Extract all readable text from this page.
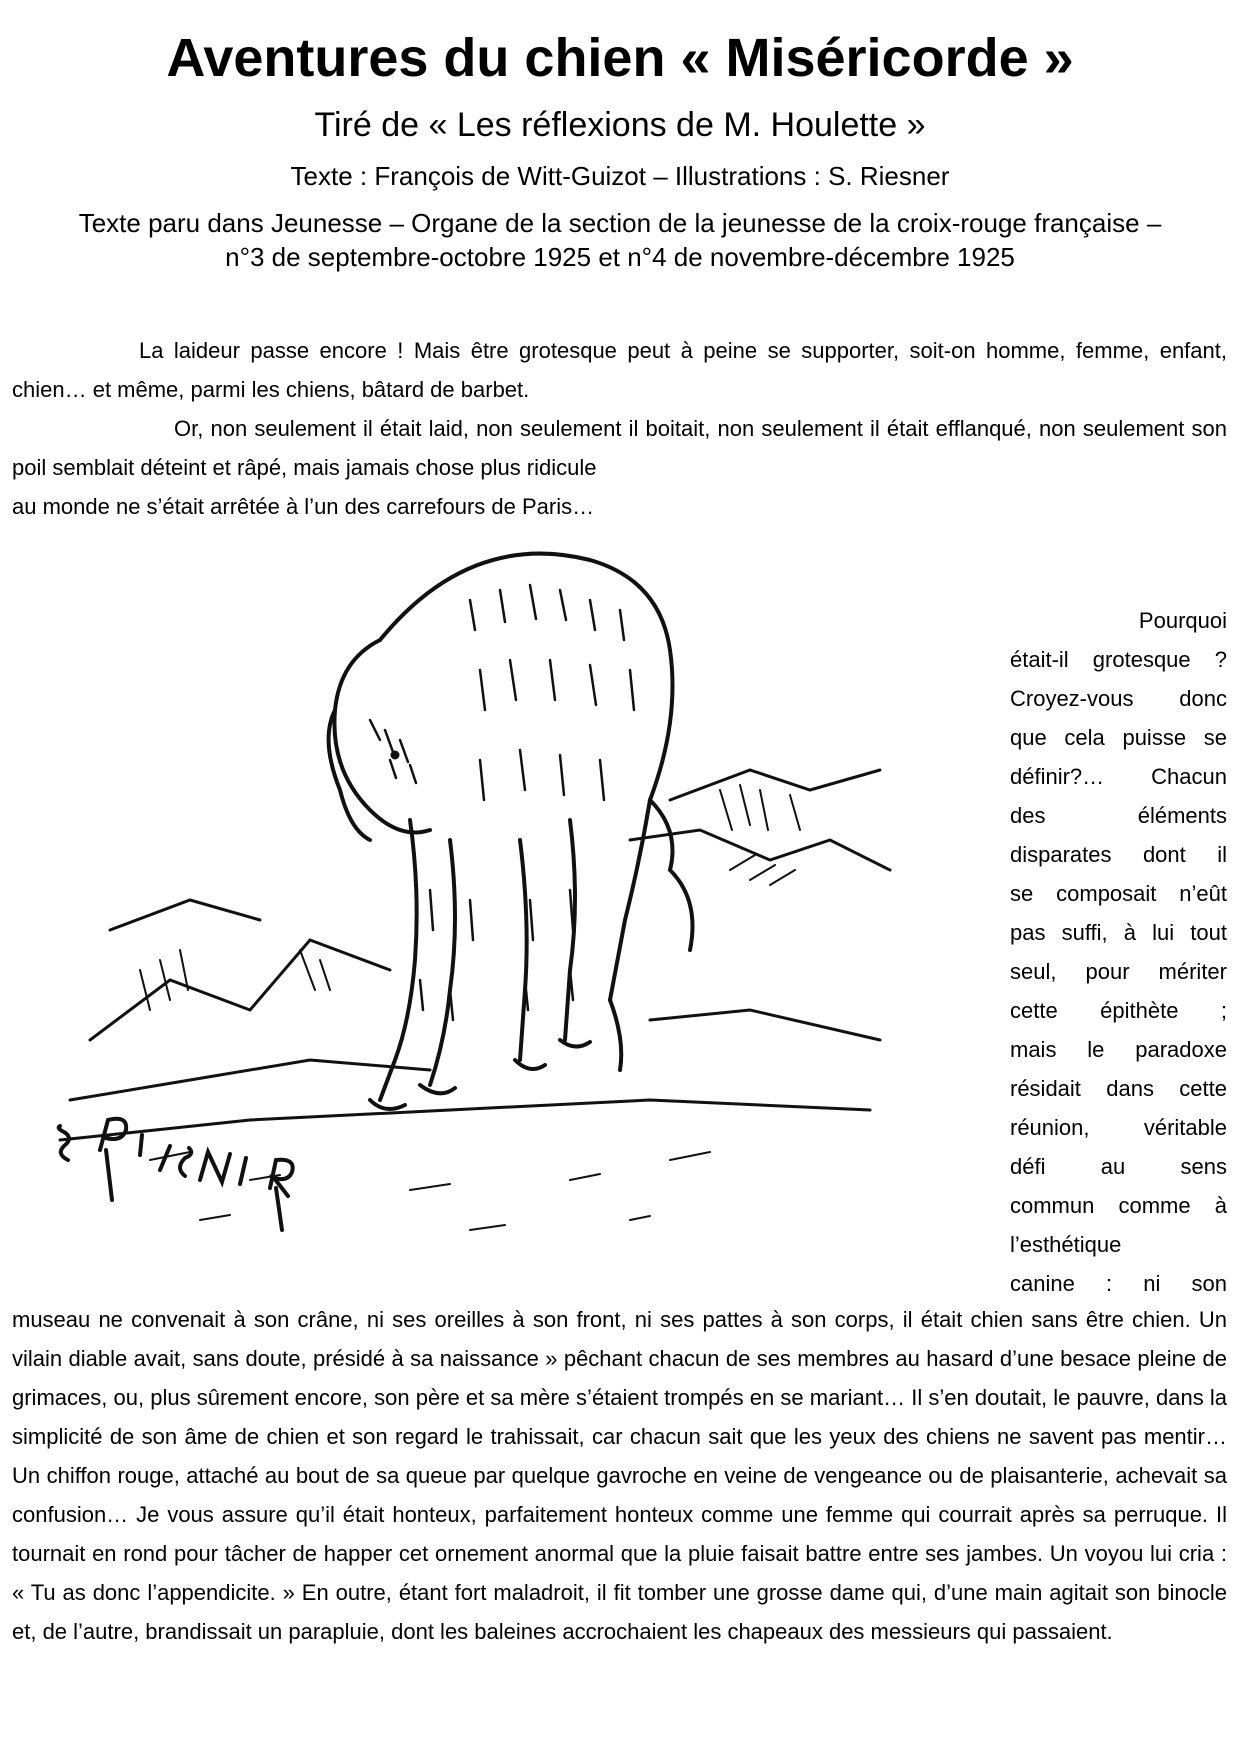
Aventures du chien « Miséricorde »
Tiré de « Les réflexions de M. Houlette »
Texte : François de Witt-Guizot – Illustrations : S. Riesner
Texte paru dans Jeunesse – Organe de la section de la jeunesse de la croix-rouge française –
n°3 de septembre-octobre 1925 et n°4 de novembre-décembre 1925

La laideur passe encore ! Mais être grotesque peut à peine se supporter, soit-on homme, femme, enfant, chien… et même, parmi les chiens, bâtard de barbet.

Or, non seulement il était laid, non seulement il boitait, non seulement il était efflanqué, non seulement son poil semblait déteint et râpé, mais jamais chose plus ridicule

au monde ne s’était arrêtée à l’un des carrefours de Paris…
Pourquoi
était-il grotesque ?
Croyez-vous donc
que cela puisse se
définir?… Chacun
des éléments
disparates dont il
se composait n’eût
pas suffi, à lui tout
seul, pour mériter
cette épithète ;
mais le paradoxe
résidait dans cette
réunion, véritable
défi au sens
commun comme à
l’esthétique
canine : ni son

museau ne convenait à son crâne, ni ses oreilles à son front, ni ses pattes à son corps, il était chien sans être chien. Un vilain diable avait, sans doute, présidé à sa naissance » pêchant chacun de ses membres au hasard d’une besace pleine de grimaces, ou, plus sûrement encore, son père et sa mère s’étaient trompés en se mariant… Il s’en doutait, le pauvre, dans la simplicité de son âme de chien et son regard le trahissait, car chacun sait que les yeux des chiens ne savent pas mentir… Un chiffon rouge, attaché au bout de sa queue par quelque gavroche en veine de vengeance ou de plaisanterie, achevait sa confusion… Je vous assure qu’il était honteux, parfaitement honteux comme une femme qui courrait après sa perruque. Il tournait en rond pour tâcher de happer cet ornement anormal que la pluie faisait battre entre ses jambes. Un voyou lui cria : « Tu as donc l’appendicite. » En outre, étant fort maladroit, il fit tomber une grosse dame qui, d’une main agitait son binocle et, de l’autre, brandissait un parapluie, dont les baleines accrochaient les chapeaux des messieurs qui passaient.
